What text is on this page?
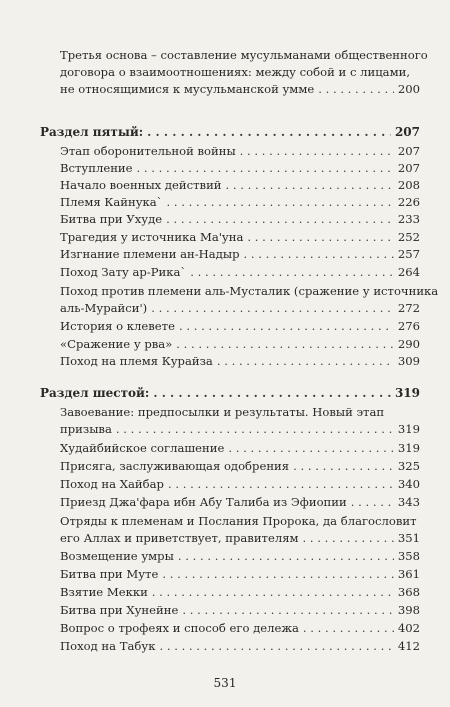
Третья основа – составление мусульманами общественного
договора о взаимоотношениях: между собой и с лицами,
не относящимися к мусульманской умме . . .	200
Раздел пятый: . . .	207
Этап оборонительной войны . . .	207
Вступление . . .	207
Начало военных действий . . .	208
Племя Кайнука` . . .	226
Битва при Ухуде . . .	233
Трагедия у источника Ма'уна . . .	252
Изгнание племени ан-Надыр . . .	257
Поход Зату ар-Рика` . . .	264
Поход против племени аль-Мусталик (сражение у источника
аль-Мурайси') . . .	272
История о клевете . . .	276
«Сражение у рва» . . .	290
Поход на племя Курайза . . .	309
Раздел шестой: . . .	319
Завоевание: предпосылки и результаты. Новый этап
призыва . . .	319
Худайбийское соглашение . . .	319
Присяга, заслуживающая одобрения . . .	325
Поход на Хайбар . . .	340
Приезд Джа'фара ибн Абу Талиба из Эфиопии . . .	343
Отряды к племенам и Послания Пророка, да благословит
его Аллах и приветствует, правителям . . .	351
Возмещение умры . . .	358
Битва при Муте . . .	361
Взятие Мекки . . .	368
Битва при Хунейне . . .	398
Вопрос о трофеях и способ его дележа . . .	402
Поход на Табук . . .	412
531
